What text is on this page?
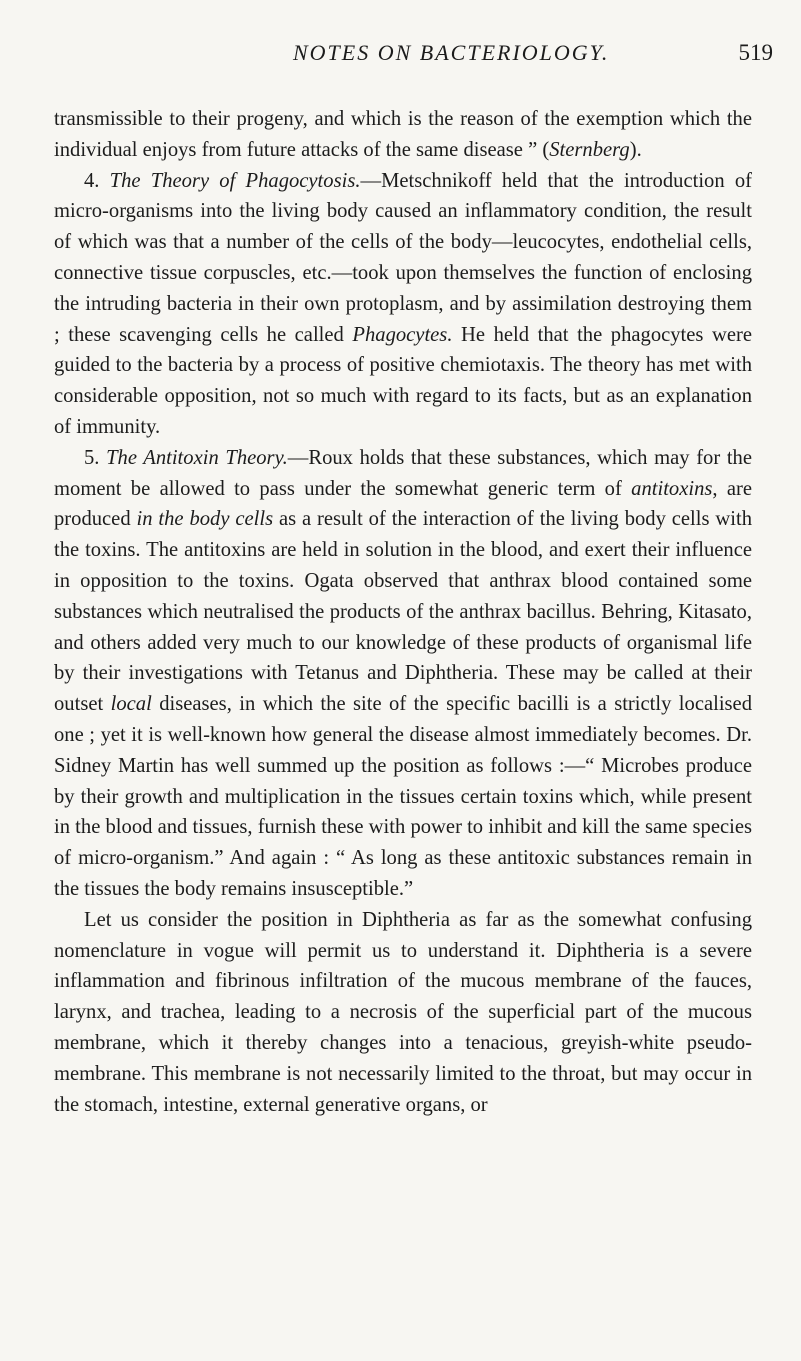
NOTES ON BACTERIOLOGY.	519

transmissible to their progeny, and which is the reason of the exemption which the individual enjoys from future attacks of the same disease ” (Sternberg).

4. The Theory of Phagocytosis.—Metschnikoff held that the introduction of micro-organisms into the living body caused an inflammatory condition, the result of which was that a number of the cells of the body—leucocytes, endothelial cells, connective tissue corpuscles, etc.—took upon themselves the function of enclosing the intruding bacteria in their own protoplasm, and by assimilation destroying them ; these scavenging cells he called Phagocytes. He held that the phagocytes were guided to the bacteria by a process of positive chemiotaxis. The theory has met with considerable opposition, not so much with regard to its facts, but as an explanation of immunity.

5. The Antitoxin Theory.—Roux holds that these substances, which may for the moment be allowed to pass under the somewhat generic term of antitoxins, are produced in the body cells as a result of the interaction of the living body cells with the toxins. The antitoxins are held in solution in the blood, and exert their influence in opposition to the toxins. Ogata observed that anthrax blood contained some substances which neutralised the products of the anthrax bacillus. Behring, Kitasato, and others added very much to our knowledge of these products of organismal life by their investigations with Tetanus and Diphtheria. These may be called at their outset local diseases, in which the site of the specific bacilli is a strictly localised one ; yet it is well-known how general the disease almost immediately becomes. Dr. Sidney Martin has well summed up the position as follows :—“ Microbes produce by their growth and multiplication in the tissues certain toxins which, while present in the blood and tissues, furnish these with power to inhibit and kill the same species of micro-organism.” And again : “ As long as these antitoxic substances remain in the tissues the body remains insusceptible.”

Let us consider the position in Diphtheria as far as the somewhat confusing nomenclature in vogue will permit us to understand it. Diphtheria is a severe inflammation and fibrinous infiltration of the mucous membrane of the fauces, larynx, and trachea, leading to a necrosis of the superficial part of the mucous membrane, which it thereby changes into a tenacious, greyish-white pseudo-membrane. This membrane is not necessarily limited to the throat, but may occur in the stomach, intestine, external generative organs, or
